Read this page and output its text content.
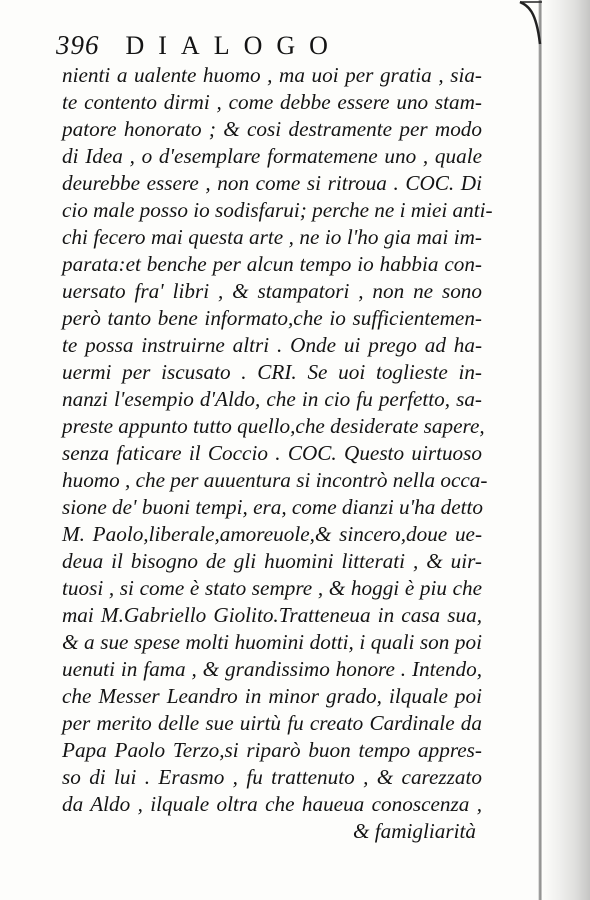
396 DIALOGO
nienti a ualente huomo , ma uoi per gratia , sia-
te contento dirmi , come debbe essere uno stam-
patore honorato ; & cosi destramente per modo
di Idea , o d'esemplare formatemene uno , quale
deurebbe essere , non come si ritroua . COC. Di
cio male posso io sodisfarui; perche ne i miei anti-
chi fecero mai questa arte , ne io l'ho gia mai im-
parata:et benche per alcun tempo io habbia con-
uersato fra' libri , & stampatori , non ne sono
però tanto bene informato,che io sufficientemen-
te possa instruirne altri . Onde ui prego ad ha-
uermi per iscusato . CRI. Se uoi toglieste in-
nanzi l'esempio d'Aldo, che in cio fu perfetto, sa-
preste appunto tutto quello,che desiderate sapere,
senza faticare il Coccio . COC. Questo uirtuoso
huomo , che per auuentura si incontrò nella occa-
sione de' buoni tempi, era, come dianzi u'ha detto
M. Paolo,liberale,amoreuole,& sincero,doue ue-
deua il bisogno de gli huomini litterati , & uir-
tuosi , si come è stato sempre , & hoggi è piu che
mai M.Gabriello Giolito.Tratteneua in casa sua,
& a sue spese molti huomini dotti, i quali son poi
uenuti in fama , & grandissimo honore . Intendo,
che Messer Leandro in minor grado, ilquale poi
per merito delle sue uirtù fu creato Cardinale da
Papa Paolo Terzo,si riparò buon tempo appres-
so di lui . Erasmo , fu trattenuto , & carezzato
da Aldo , ilquale oltra che haueua conoscenza ,
& famigliarità
